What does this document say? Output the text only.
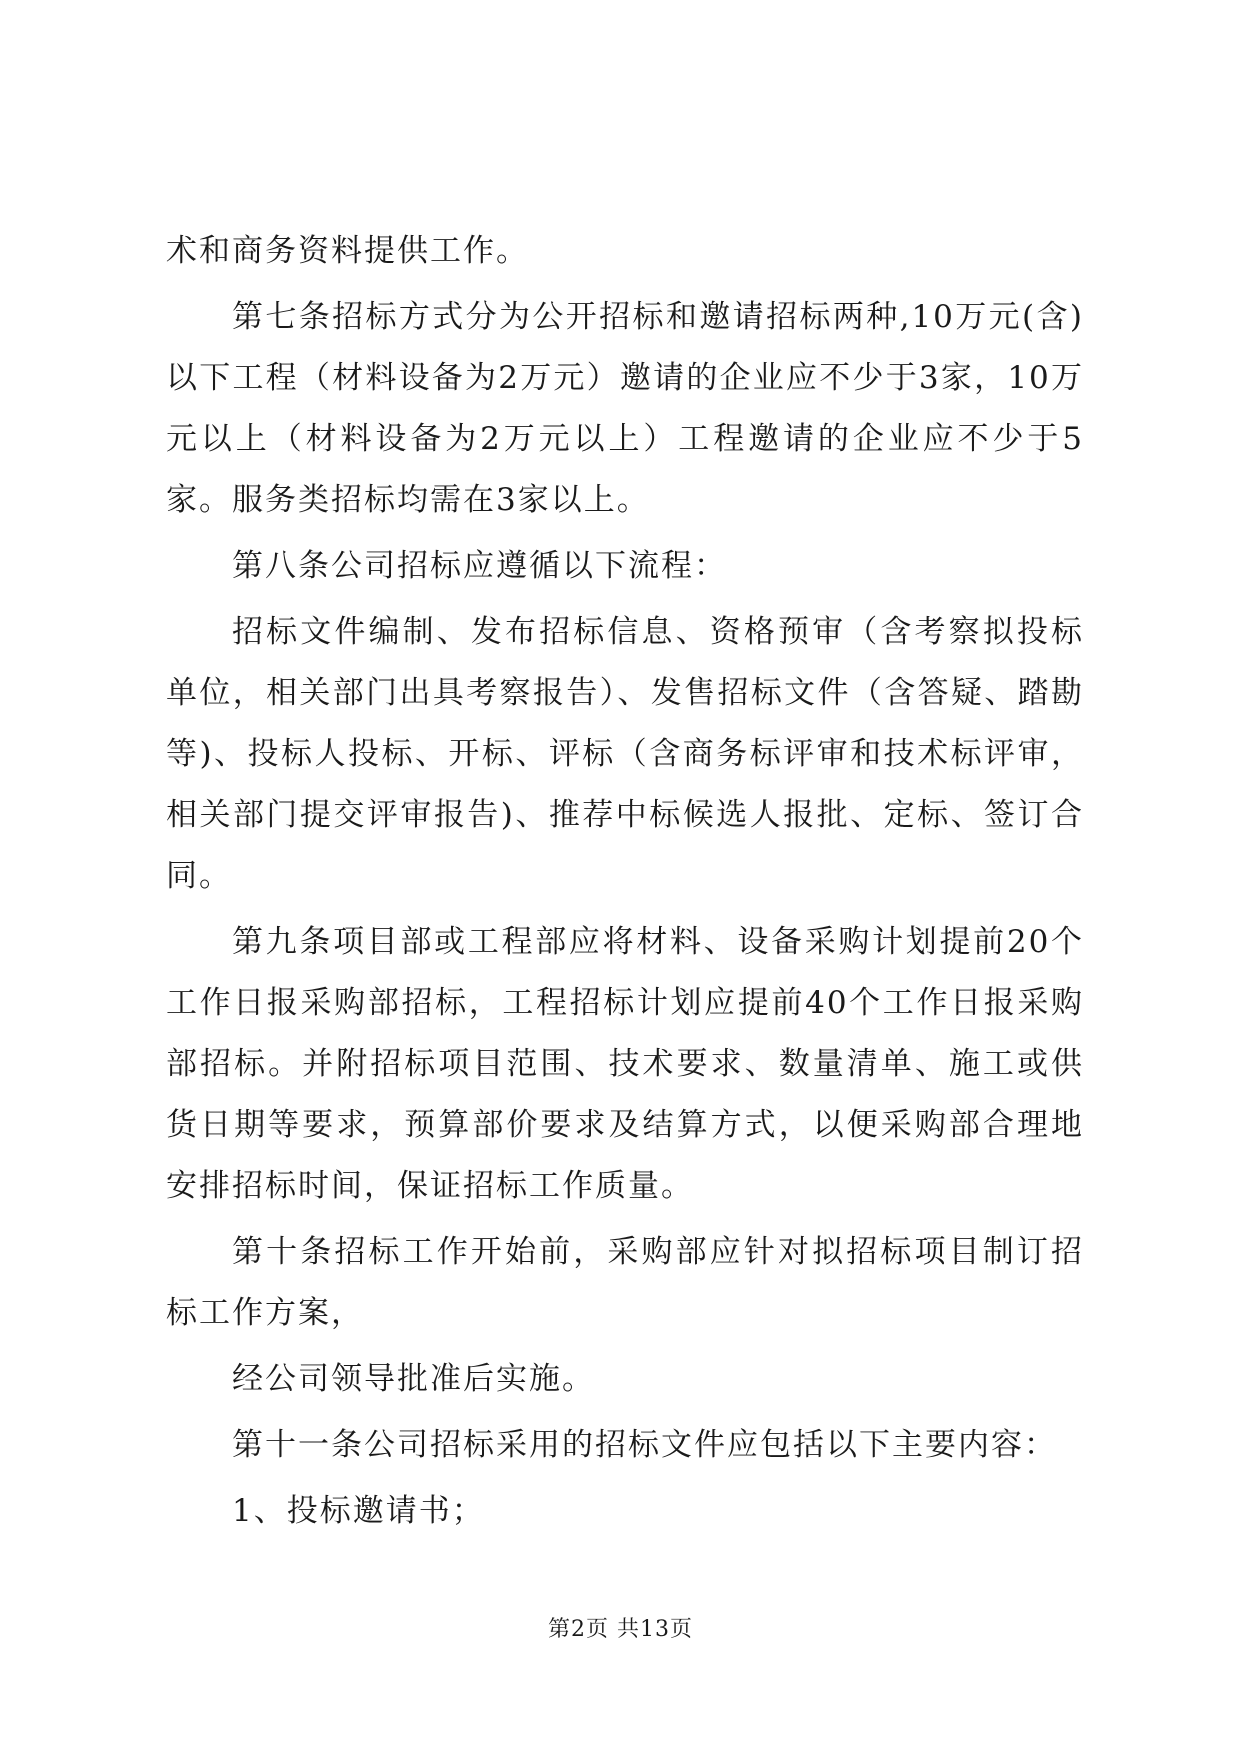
术和商务资料提供工作。

第七条招标方式分为公开招标和邀请招标两种,10万元(含)以下工程（材料设备为2万元）邀请的企业应不少于3家，10万元以上（材料设备为2万元以上）工程邀请的企业应不少于5家。服务类招标均需在3家以上。

第八条公司招标应遵循以下流程：

招标文件编制、发布招标信息、资格预审（含考察拟投标单位，相关部门出具考察报告）、发售招标文件（含答疑、踏勘等)、投标人投标、开标、评标（含商务标评审和技术标评审，相关部门提交评审报告)、推荐中标候选人报批、定标、签订合同。

第九条项目部或工程部应将材料、设备采购计划提前20个工作日报采购部招标，工程招标计划应提前40个工作日报采购部招标。并附招标项目范围、技术要求、数量清单、施工或供货日期等要求，预算部价要求及结算方式，以便采购部合理地安排招标时间，保证招标工作质量。

第十条招标工作开始前，采购部应针对拟招标项目制订招标工作方案，

经公司领导批准后实施。

第十一条公司招标采用的招标文件应包括以下主要内容：

1、投标邀请书；

第2页 共13页
